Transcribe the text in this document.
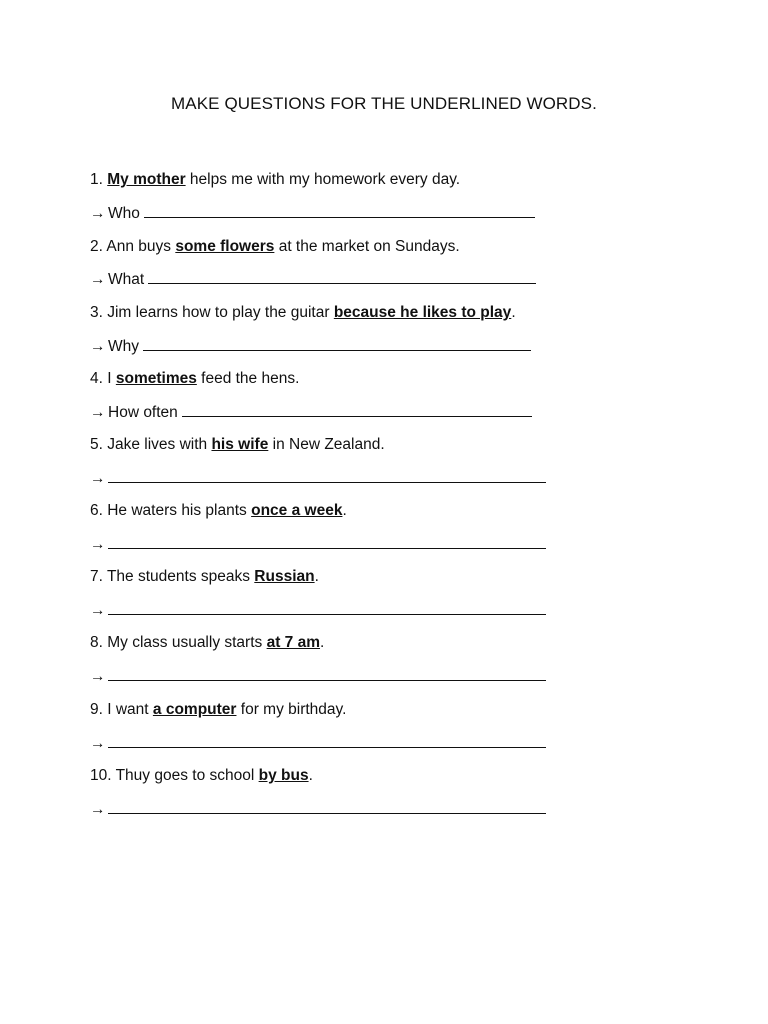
MAKE QUESTIONS FOR THE UNDERLINED WORDS.
1. My mother helps me with my homework every day.
→ Who
2. Ann buys some flowers at the market on Sundays.
→ What
3. Jim learns how to play the guitar because he likes to play.
→ Why
4. I sometimes feed the hens.
→ How often
5. Jake lives with his wife in New Zealand.
→
6. He waters his plants once a week.
→
7. The students speaks Russian.
→
8. My class usually starts at 7 am.
→
9. I want a computer for my birthday.
→
10. Thuy goes to school by bus.
→
